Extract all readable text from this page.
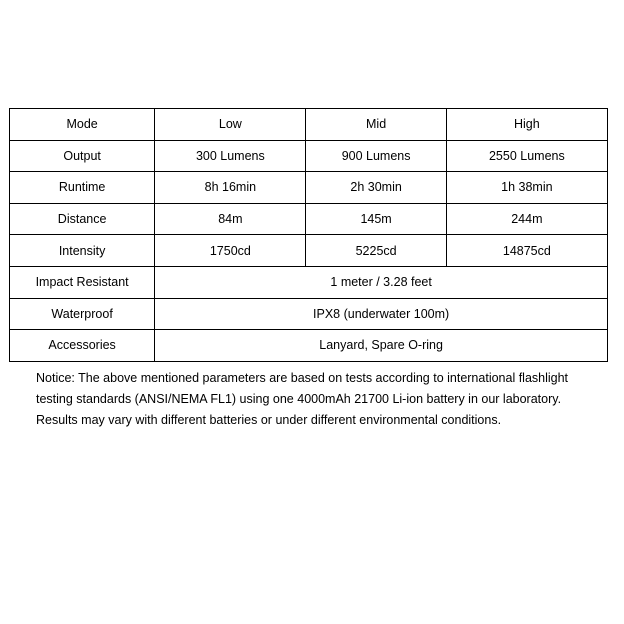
Mode	Low	Mid	High
Output	300 Lumens	900 Lumens	2550 Lumens
Runtime	8h 16min	2h 30min	1h 38min
Distance	84m	145m	244m
Intensity	1750cd	5225cd	14875cd
Impact Resistant	1 meter / 3.28 feet		
Waterproof	IPX8 (underwater 100m)		
Accessories	Lanyard, Spare O-ring		

Notice: The above mentioned parameters are based on tests according to international flashlight
testing standards (ANSI/NEMA FL1) using one 4000mAh 21700 Li-ion battery in our laboratory.
Results may vary with different batteries or under different environmental conditions.
